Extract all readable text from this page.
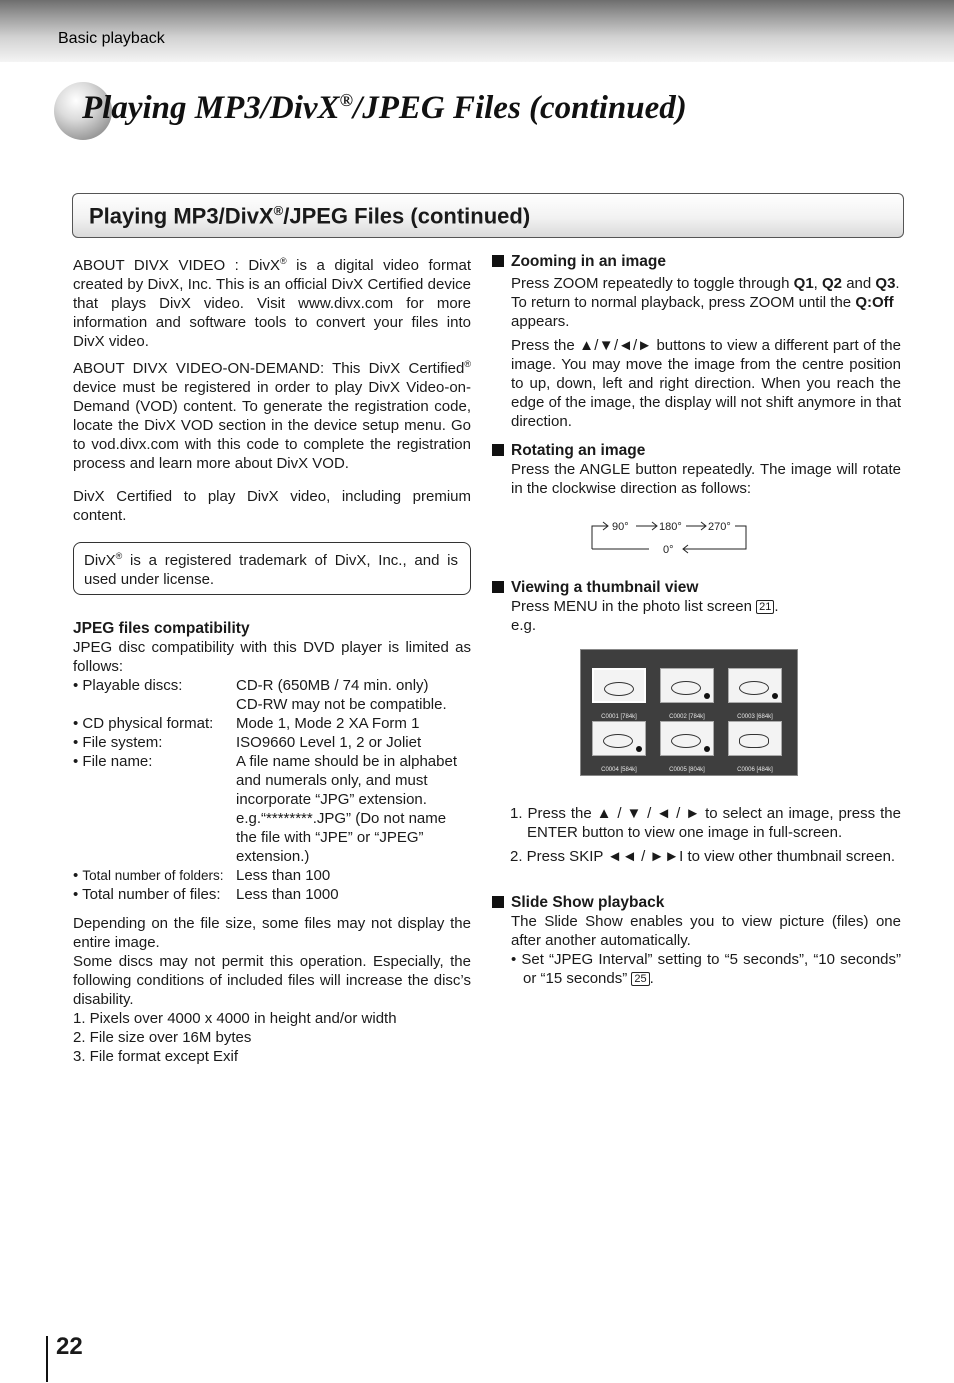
Basic playback
Playing MP3/DivX®/JPEG Files (continued)
Playing MP3/DivX®/JPEG Files (continued)

ABOUT DIVX VIDEO : DivX® is a digital video format created by DivX, Inc. This is an official DivX Certified device that plays DivX video. Visit www.divx.com for more information and software tools to convert your files into DivX video.

ABOUT DIVX VIDEO-ON-DEMAND: This DivX Certified® device must be registered in order to play DivX Video-on-Demand (VOD) content. To generate the registration code, locate the DivX VOD section in the device setup menu. Go to vod.divx.com with this code to complete the registration process and learn more about DivX VOD.

DivX Certified to play DivX video, including premium content.

DivX® is a registered trademark of DivX, Inc., and is used under license.

JPEG files compatibility

JPEG disc compatibility with this DVD player is limited as follows:

• Playable discs:	CD-R (650MB / 74 min. only)
CD-RW may not be compatible.
• CD physical format:	Mode 1, Mode 2 XA Form 1
• File system:	ISO9660 Level 1, 2 or Joliet
• File name:	A file name should be in alphabet and numerals only, and must incorporate “JPG” extension. e.g.“********.JPG” (Do not name the file with “JPE” or “JPEG” extension.)
• Total number of folders: Less than 100
• Total number of files:	Less than 1000

Depending on the file size, some files may not display the entire image.

Some discs may not permit this operation. Especially, the following conditions of included files will increase the disc’s disability.

1. Pixels over 4000 x 4000 in height and/or width

2. File size over 16M bytes

3. File format except Exif

Zooming in an image

Press ZOOM repeatedly to toggle through Q1, Q2 and Q3.

To return to normal playback, press ZOOM until the Q:Off appears.

Press the ▲/▼/◄/► buttons to view a different part of the image. You may move the image from the centre position to up, down, left and right direction. When you reach the edge of the image, the display will not shift anymore in that direction.

Rotating an image

Press the ANGLE button repeatedly. The image will rotate in the clockwise direction as follows:

90°	180° 270°
0°

Viewing a thumbnail view

Press MENU in the photo list screen 21 .

e.g.

C0001 [784k]	C0002 [784k]	C0003 [684k]
C0004 [584k]	C0005 [804k]	C0006 [484k]

1. Press the ▲ / ▼ / ◄ / ► to select an image, press the ENTER button to view one image in full-screen.

2. Press SKIP ◄◄ / ►►I to view other thumbnail screen.

Slide Show playback

The Slide Show enables you to view picture (files) one after another automatically.

• Set “JPEG Interval” setting to “5 seconds”, “10 seconds” or “15 seconds” 25 .

22
